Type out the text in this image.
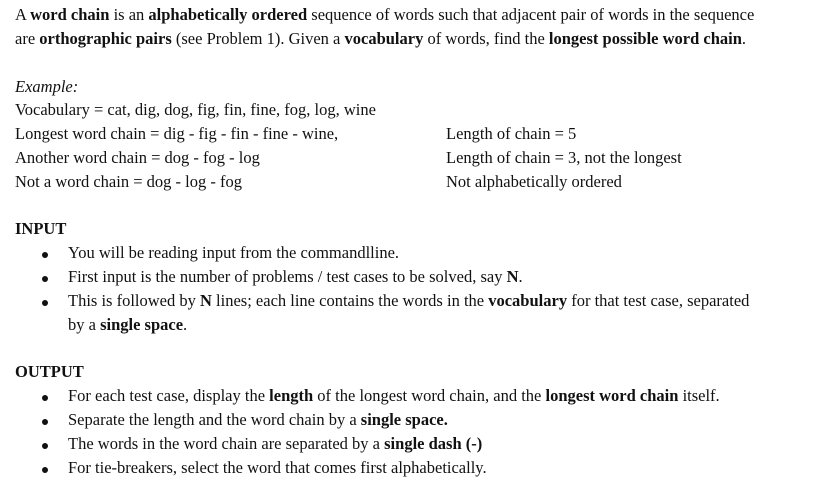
A word chain is an alphabetically ordered sequence of words such that adjacent pair of words in the sequence
are orthographic pairs (see Problem 1). Given a vocabulary of words, find the longest possible word chain.
Example:
Vocabulary = cat, dig, dog, fig, fin, fine, fog, log, wine
Longest word chain = dig - fig - fin - fine - wine,	Length of chain = 5
Another word chain = dog - fog - log	Length of chain = 3, not the longest
Not a word chain = dog - log - fog	Not alphabetically ordered
INPUT
You will be reading input from the commandlline.
First input is the number of problems / test cases to be solved, say N.
This is followed by N lines; each line contains the words in the vocabulary for that test case, separated
by a single space.
OUTPUT
For each test case, display the length of the longest word chain, and the longest word chain itself.
Separate the length and the word chain by a single space.
The words in the word chain are separated by a single dash (-)
For tie-breakers, select the word that comes first alphabetically.
